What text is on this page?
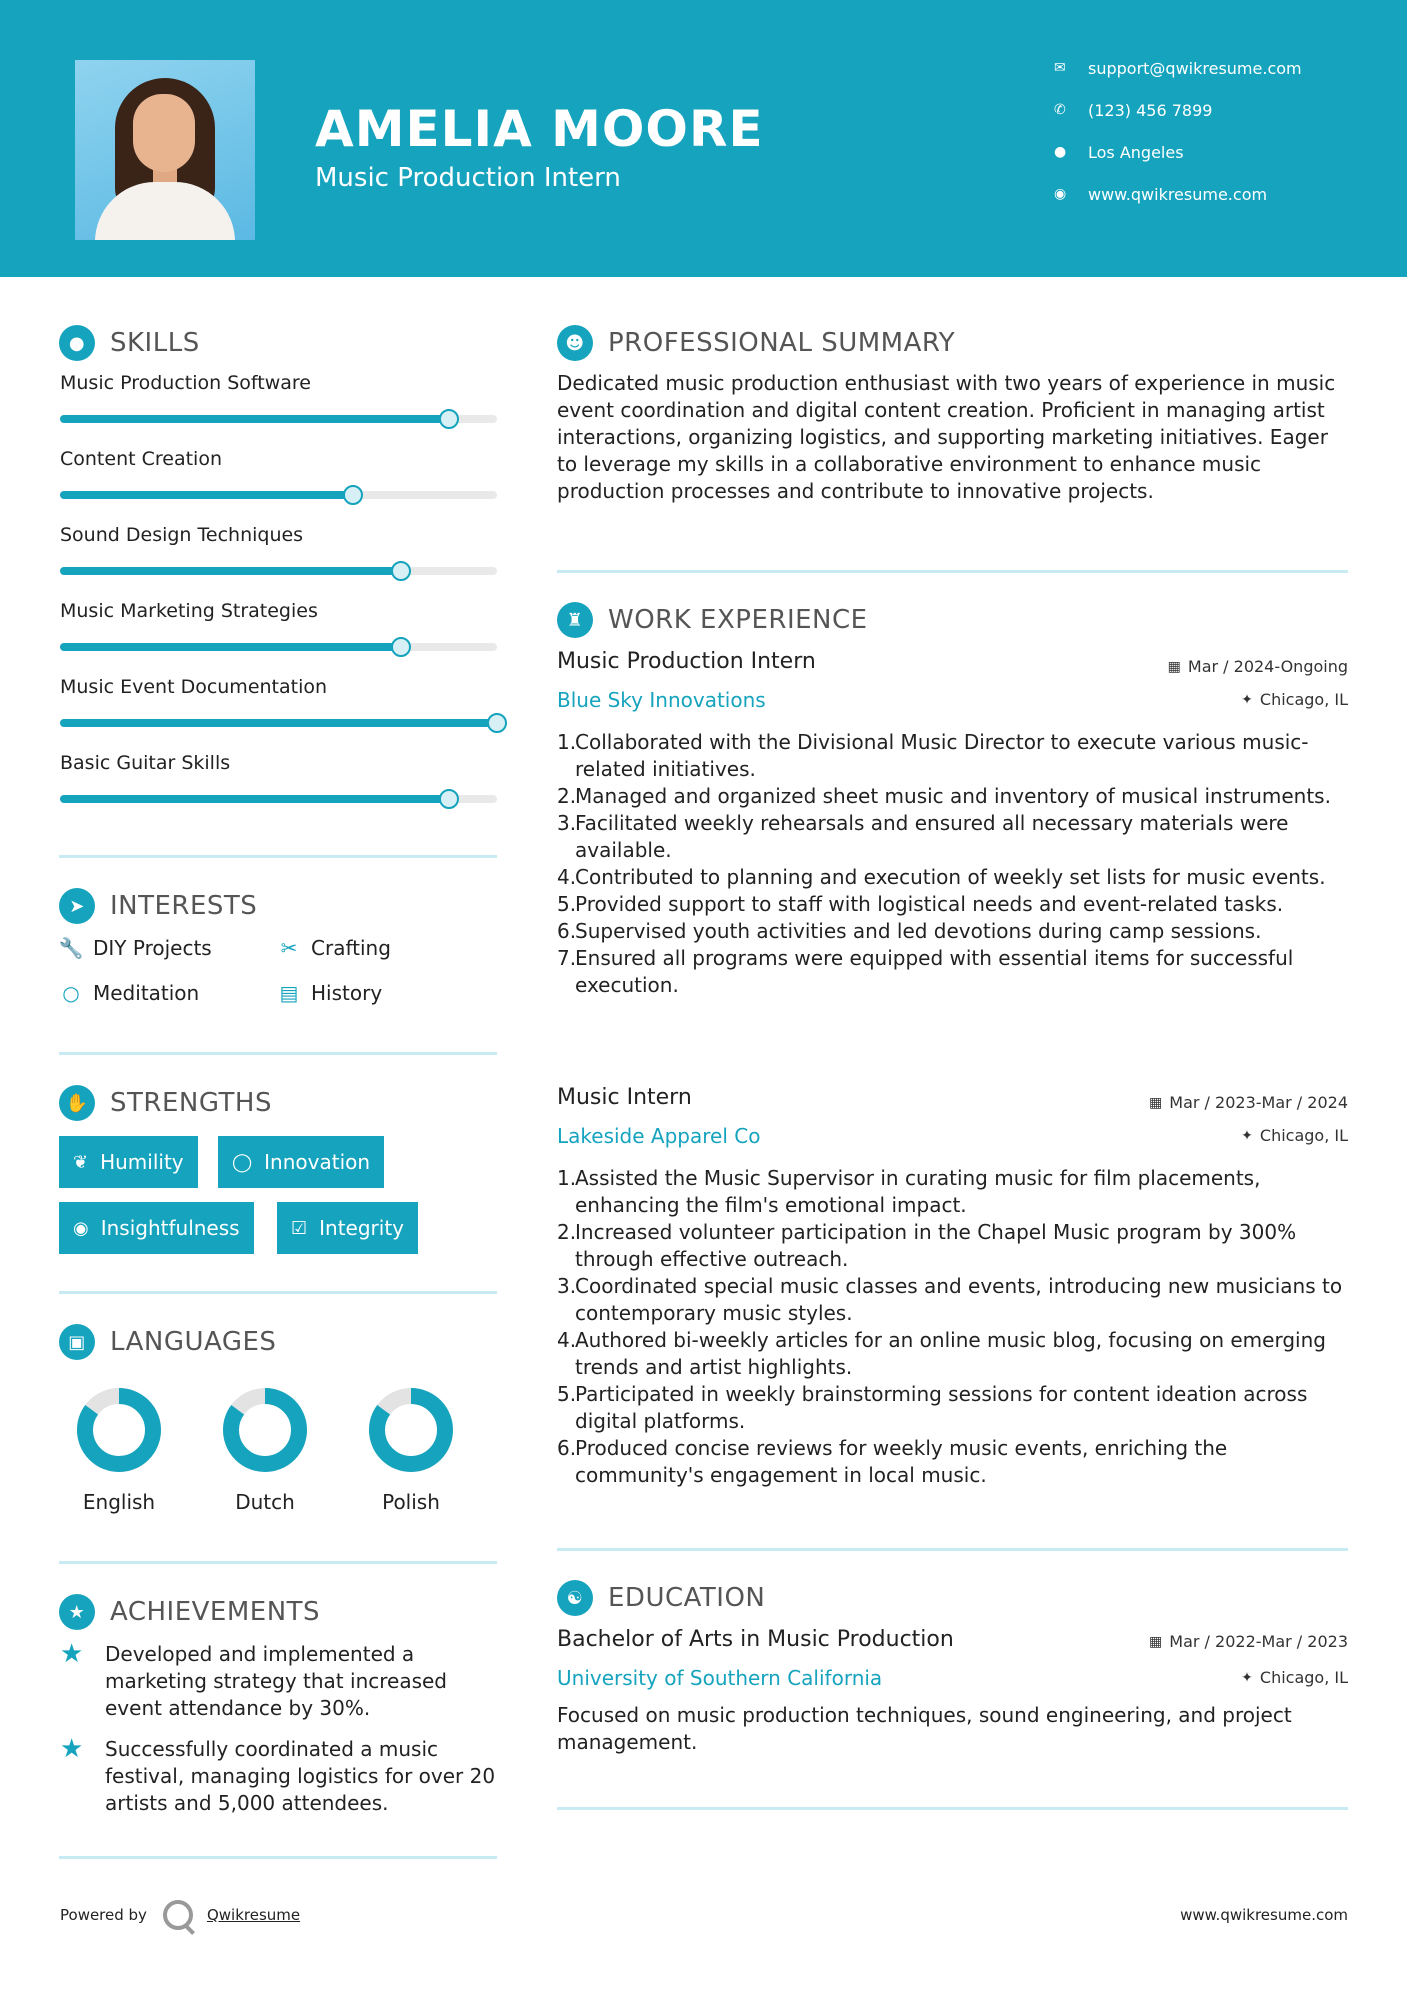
AMELIA MOORE
Music Production Intern
✉	support@qwikresume.com
✆	(123) 456 7899
●	Los Angeles
◉	www.qwikresume.com
● SKILLS
Music Production Software
Content Creation
Sound Design Techniques
Music Marketing Strategies
Music Event Documentation
Basic Guitar Skills
➤ INTERESTS
🔧 DIY Projects	✂ Crafting
○ Meditation	▤ History
✋ STRENGTHS
❦ Humility	◯ Innovation
◉ Insightfulness	☑ Integrity
▣ LANGUAGES
English	Dutch	Polish
★ ACHIEVEMENTS
★	Developed and implemented a marketing strategy that increased event attendance by 30%.
★	Successfully coordinated a music festival, managing logistics for over 20 artists and 5,000 attendees.
☻ PROFESSIONAL SUMMARY
Dedicated music production enthusiast with two years of experience in music event coordination and digital content creation. Proficient in managing artist interactions, organizing logistics, and supporting marketing initiatives. Eager to leverage my skills in a collaborative environment to enhance music production processes and contribute to innovative projects.
♜ WORK EXPERIENCE
Music Production Intern	▦ Mar / 2024-Ongoing
Blue Sky Innovations	✦ Chicago, IL
1.
Collaborated with the Divisional Music Director to execute various music-related initiatives.
2.
Managed and organized sheet music and inventory of musical instruments.
3.
Facilitated weekly rehearsals and ensured all necessary materials were available.
4.
Contributed to planning and execution of weekly set lists for music events.
5.
Provided support to staff with logistical needs and event-related tasks.
6.
Supervised youth activities and led devotions during camp sessions.
7.
Ensured all programs were equipped with essential items for successful execution.
Music Intern	▦ Mar / 2023-Mar / 2024
Lakeside Apparel Co	✦ Chicago, IL
1.
Assisted the Music Supervisor in curating music for film placements, enhancing the film's emotional impact.
2.
Increased volunteer participation in the Chapel Music program by 300% through effective outreach.
3.
Coordinated special music classes and events, introducing new musicians to contemporary music styles.
4.
Authored bi-weekly articles for an online music blog, focusing on emerging trends and artist highlights.
5.
Participated in weekly brainstorming sessions for content ideation across digital platforms.
6.
Produced concise reviews for weekly music events, enriching the community's engagement in local music.
☯ EDUCATION
Bachelor of Arts in Music Production	▦ Mar / 2022-Mar / 2023
University of Southern California	✦ Chicago, IL
Focused on music production techniques, sound engineering, and project management.
Powered by	Qwikresume	www.qwikresume.com
